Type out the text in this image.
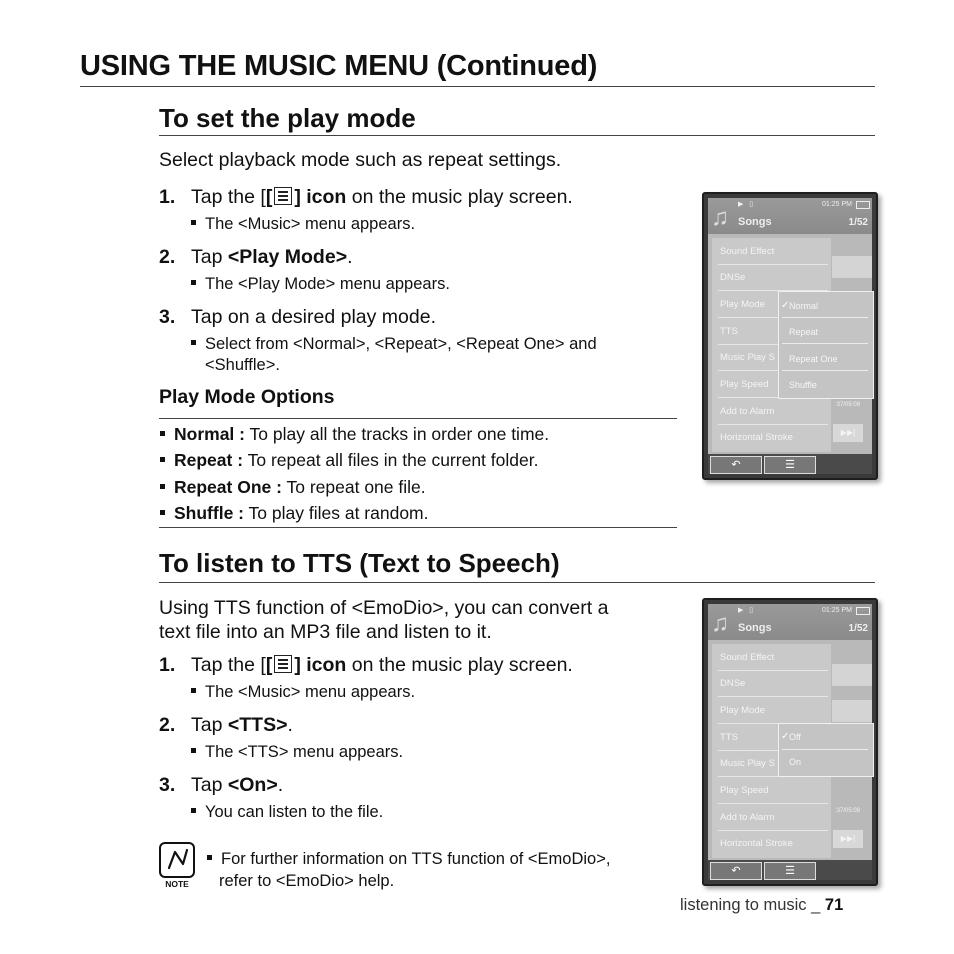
USING THE MUSIC MENU (Continued)
To set the play mode
Select playback mode such as repeat settings.
1. Tap the [[ ] icon on the music play screen.
The <Music> menu appears.
2. Tap <Play Mode>.
The <Play Mode> menu appears.
3. Tap on a desired play mode.
Select from <Normal>, <Repeat>, <Repeat One> and
<Shuffle>.
Play Mode Options
Normal : To play all the tracks in order one time.
Repeat : To repeat all files in the current folder.
Repeat One : To repeat one file.
Shuffle : To play files at random.
♫ ▶   ▯	01:25 PM
Songs	1/52
:37/05:09
▶▶|
Sound Effect
DNSe
Play Mode
TTS
Music Play S
Play Speed
Add to Alarm
Horizontal Stroke
✓ Normal
Repeat
Repeat One
Shuffle
↶	☰
To listen to TTS (Text to Speech)
Using TTS function of <EmoDio>, you can convert a
text file into an MP3 file and listen to it.
1. Tap the [[ ] icon on the music play screen.
The <Music> menu appears.
2. Tap <TTS>.
The <TTS> menu appears.
3. Tap <On>.
You can listen to the file.
♫ ▶   ▯	01:25 PM
Songs	1/52
:37/05:09
▶▶|
Sound Effect
DNSe
Play Mode
TTS
Music Play S
Play Speed
Add to Alarm
Horizontal Stroke
✓ Off
On
↶	☰
NOTE
For further information on TTS function of <EmoDio>,
refer to <EmoDio> help.
listening to music _ 71
